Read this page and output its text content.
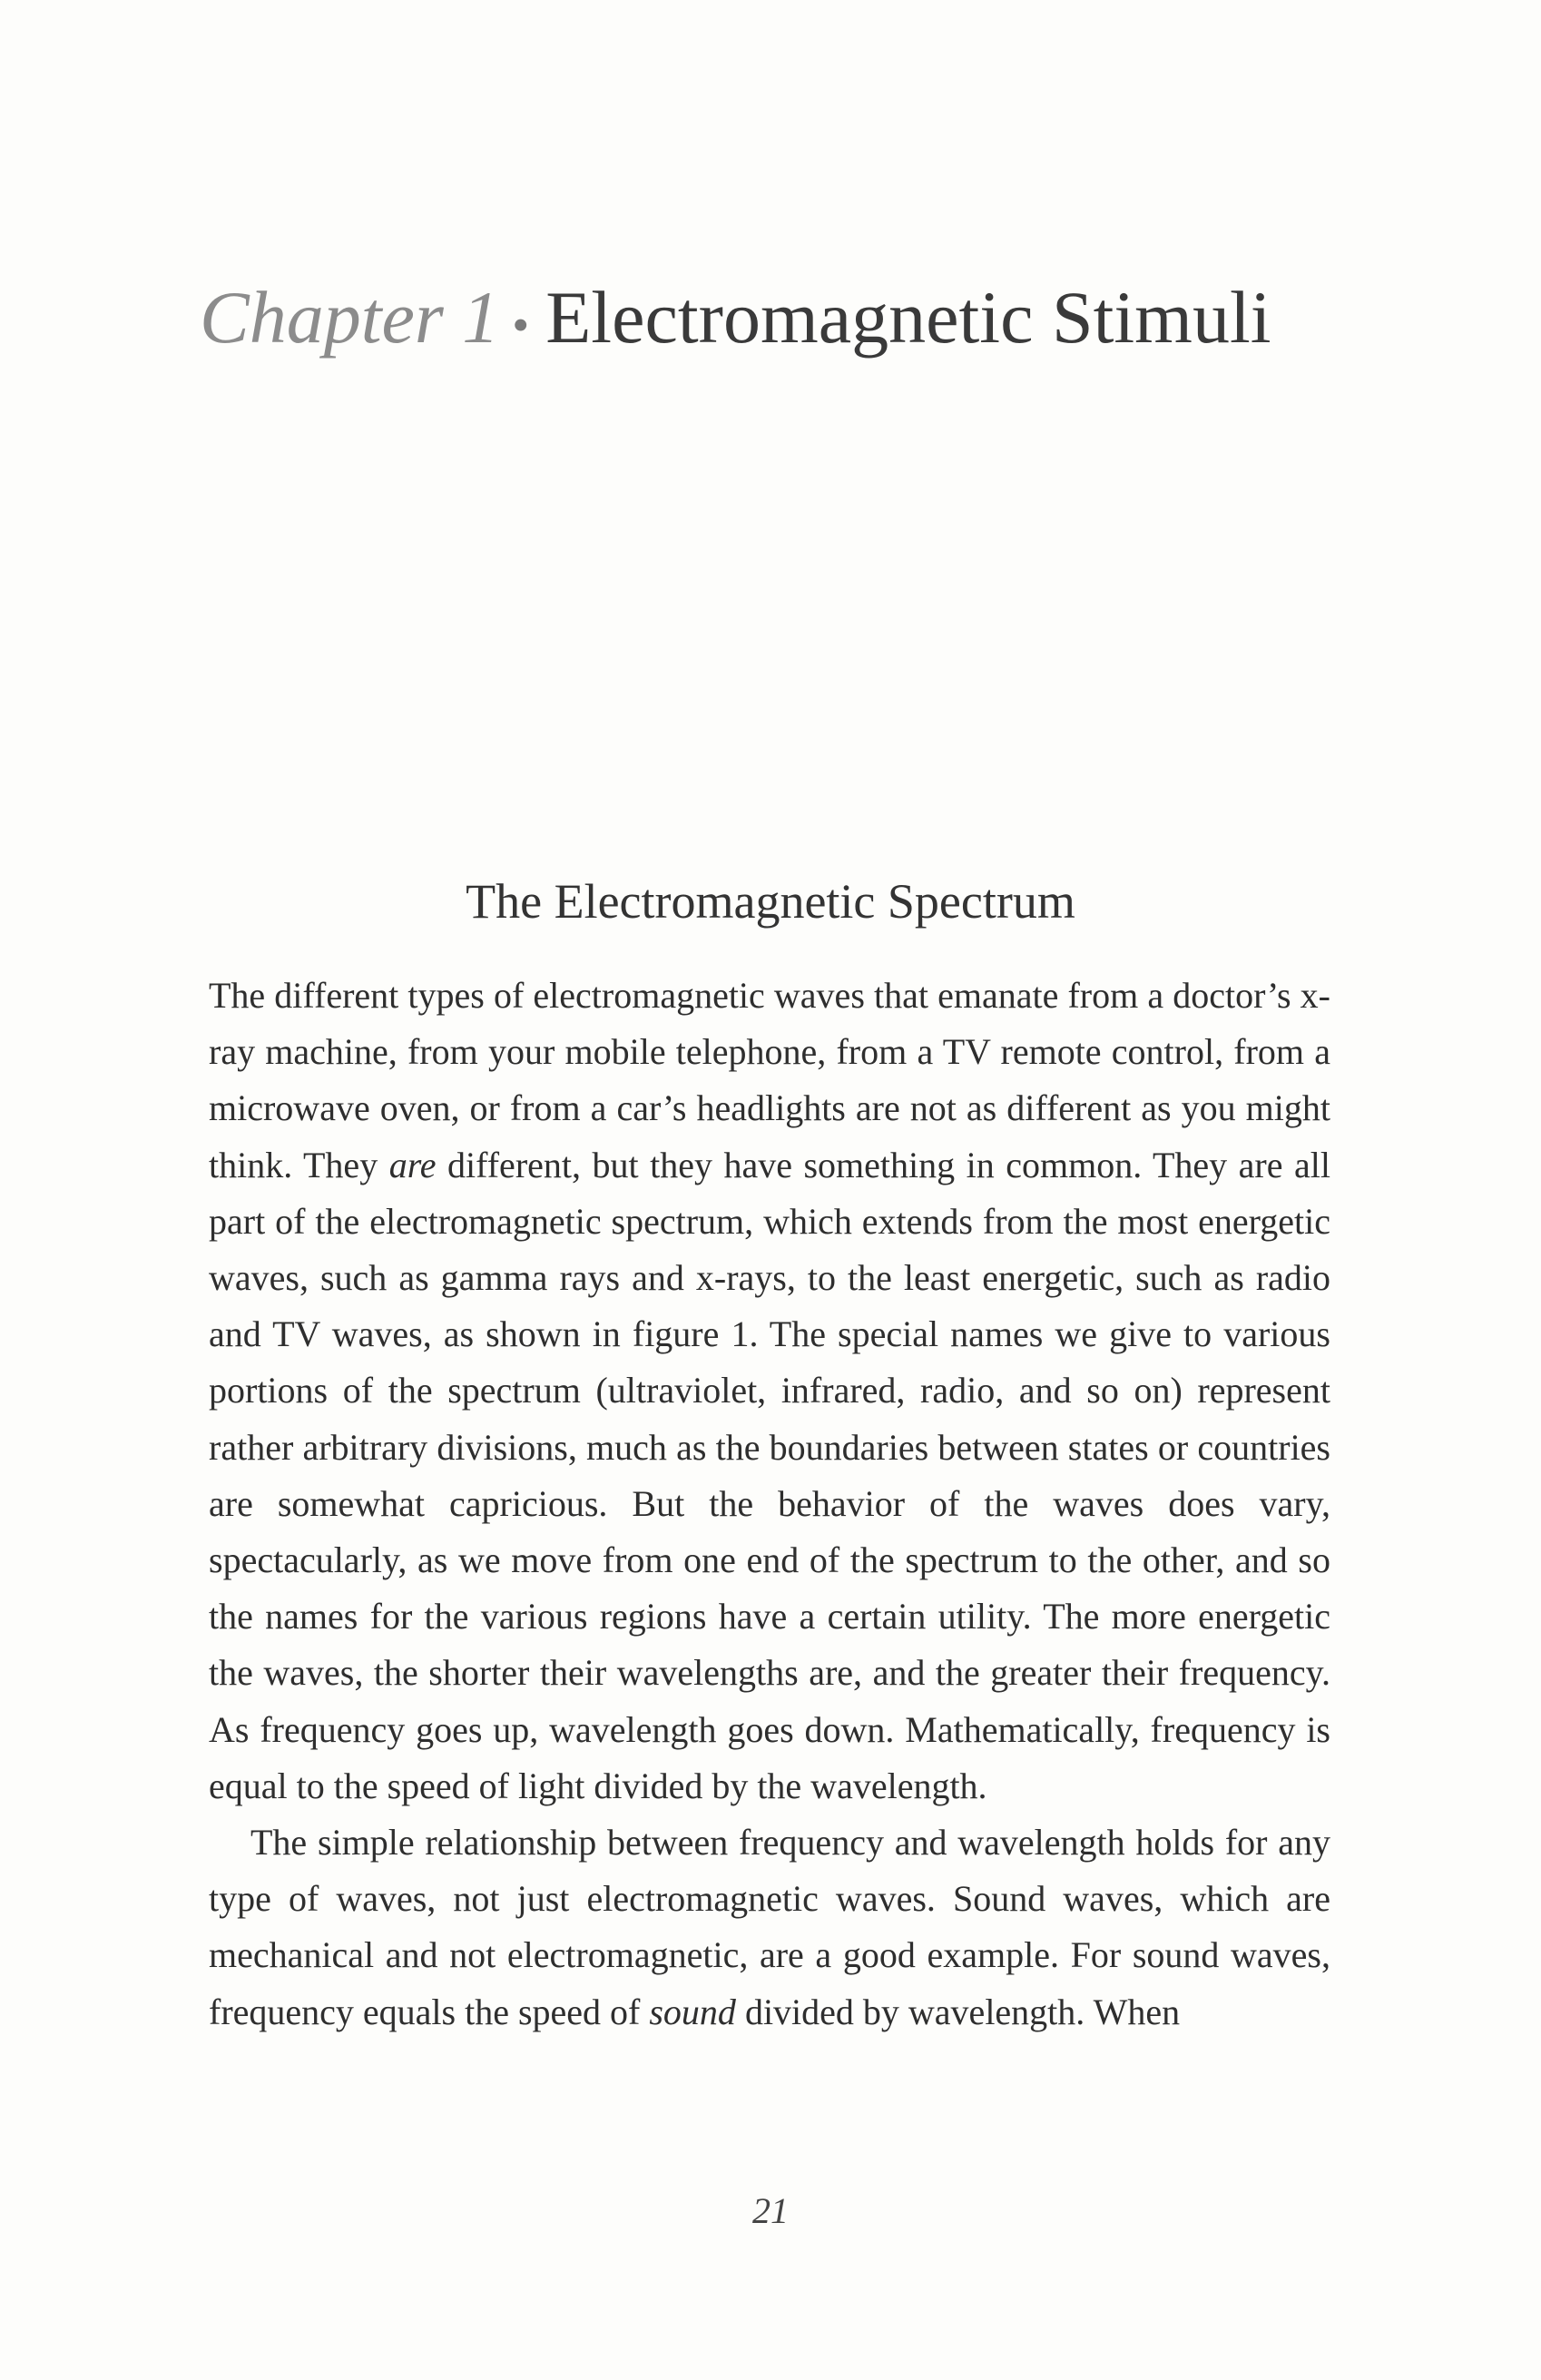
Chapter 1 • Electromagnetic Stimuli
The Electromagnetic Spectrum

The different types of electromagnetic waves that emanate from a doctor’s x-ray machine, from your mobile telephone, from a TV remote control, from a microwave oven, or from a car’s headlights are not as different as you might think. They are different, but they have something in common. They are all part of the electromagnetic spectrum, which extends from the most energetic waves, such as gamma rays and x-rays, to the least energetic, such as radio and TV waves, as shown in figure 1. The special names we give to various portions of the spectrum (ultraviolet, infrared, radio, and so on) represent rather arbitrary divisions, much as the boundaries between states or countries are somewhat capricious. But the behavior of the waves does vary, spectacularly, as we move from one end of the spectrum to the other, and so the names for the various regions have a certain utility. The more energetic the waves, the shorter their wavelengths are, and the greater their frequency. As frequency goes up, wavelength goes down. Mathematically, frequency is equal to the speed of light divided by the wavelength.

The simple relationship between frequency and wavelength holds for any type of waves, not just electromagnetic waves. Sound waves, which are mechanical and not electromagnetic, are a good example. For sound waves, frequency equals the speed of sound divided by wavelength. When

21
